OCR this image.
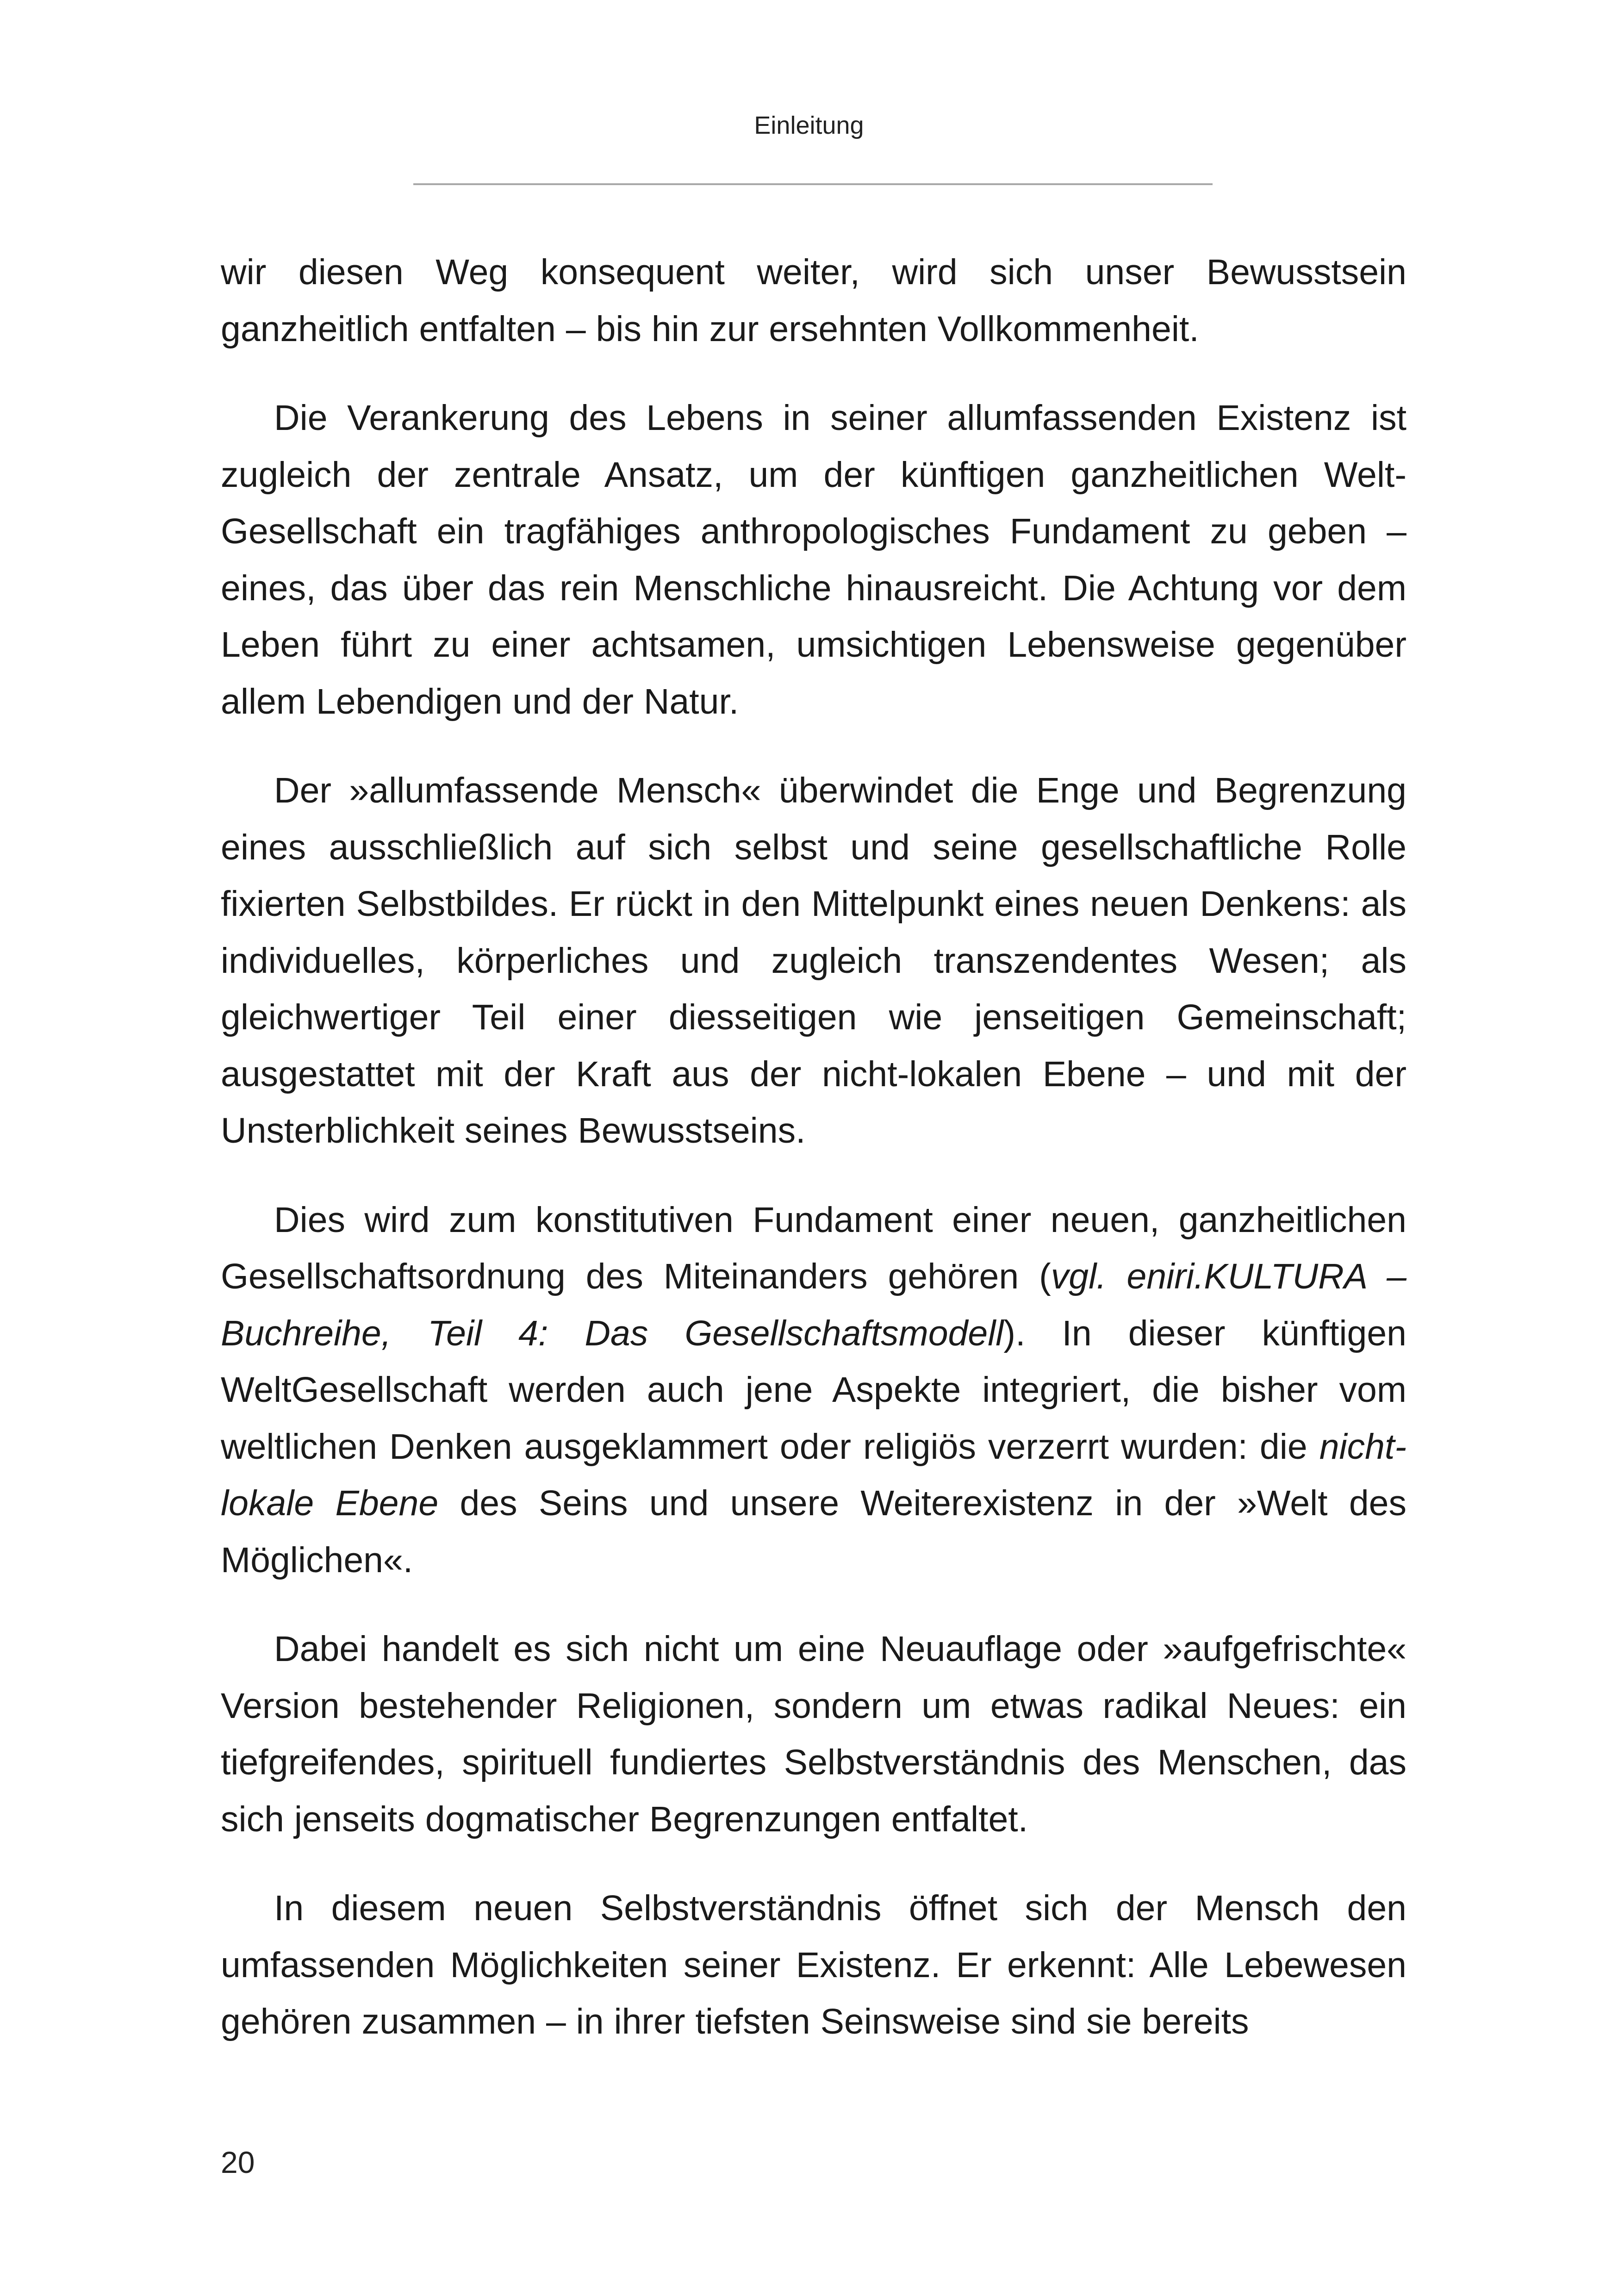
Einleitung

wir diesen Weg konsequent weiter, wird sich unser Bewusstsein ganzheitlich entfalten – bis hin zur ersehnten Vollkommenheit.

Die Verankerung des Lebens in seiner allumfassenden Existenz ist zugleich der zentrale Ansatz, um der künftigen ganzheitlichen Welt-Gesellschaft ein tragfähiges anthropologisches Fundament zu geben – eines, das über das rein Menschliche hinausreicht. Die Achtung vor dem Leben führt zu einer achtsamen, umsichtigen Lebensweise gegenüber allem Lebendigen und der Natur.

Der »allumfassende Mensch« überwindet die Enge und Begrenzung eines ausschließlich auf sich selbst und seine gesellschaftliche Rolle fixierten Selbstbildes. Er rückt in den Mittelpunkt eines neuen Denkens: als individuelles, körperliches und zugleich transzendentes Wesen; als gleichwertiger Teil einer diesseitigen wie jenseitigen Gemeinschaft; ausgestattet mit der Kraft aus der nicht-lokalen Ebene – und mit der Unsterblichkeit seines Bewusstseins.

Dies wird zum konstitutiven Fundament einer neuen, ganzheitlichen Gesellschaftsordnung des Miteinanders gehören (vgl. eniri.KULTURA – Buchreihe, Teil 4: Das Gesellschaftsmodell). In dieser künftigen WeltGesellschaft werden auch jene Aspekte integriert, die bisher vom weltlichen Denken ausgeklammert oder religiös verzerrt wurden: die nicht-lokale Ebene des Seins und unsere Weiterexistenz in der »Welt des Möglichen«.

Dabei handelt es sich nicht um eine Neuauflage oder »aufgefrischte« Version bestehender Religionen, sondern um etwas radikal Neues: ein tiefgreifendes, spirituell fundiertes Selbstverständnis des Menschen, das sich jenseits dogmatischer Begrenzungen entfaltet.

In diesem neuen Selbstverständnis öffnet sich der Mensch den umfassenden Möglichkeiten seiner Existenz. Er erkennt: Alle Lebewesen gehören zusammen – in ihrer tiefsten Seinsweise sind sie bereits

20
